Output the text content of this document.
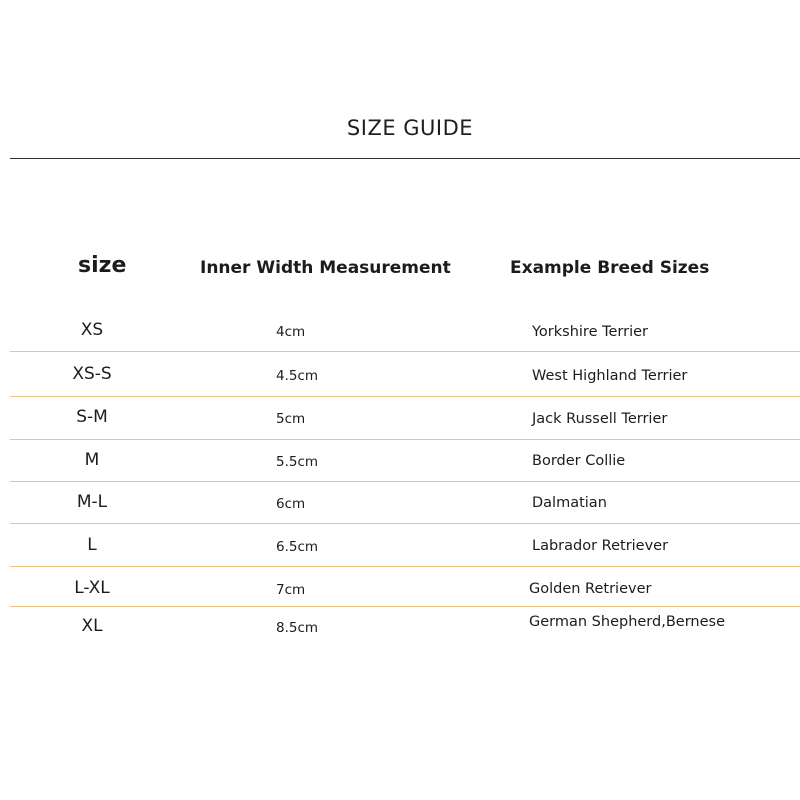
SIZE GUIDE
size	Inner Width Measurement	Example Breed Sizes
XS	4cm	Yorkshire Terrier
XS-S	4.5cm	West Highland Terrier
S-M	5cm	Jack Russell Terrier
M	5.5cm	Border Collie
M-L	6cm	Dalmatian
L	6.5cm	Labrador Retriever
L-XL	7cm	Golden Retriever
XL	8.5cm	German Shepherd,Bernese
